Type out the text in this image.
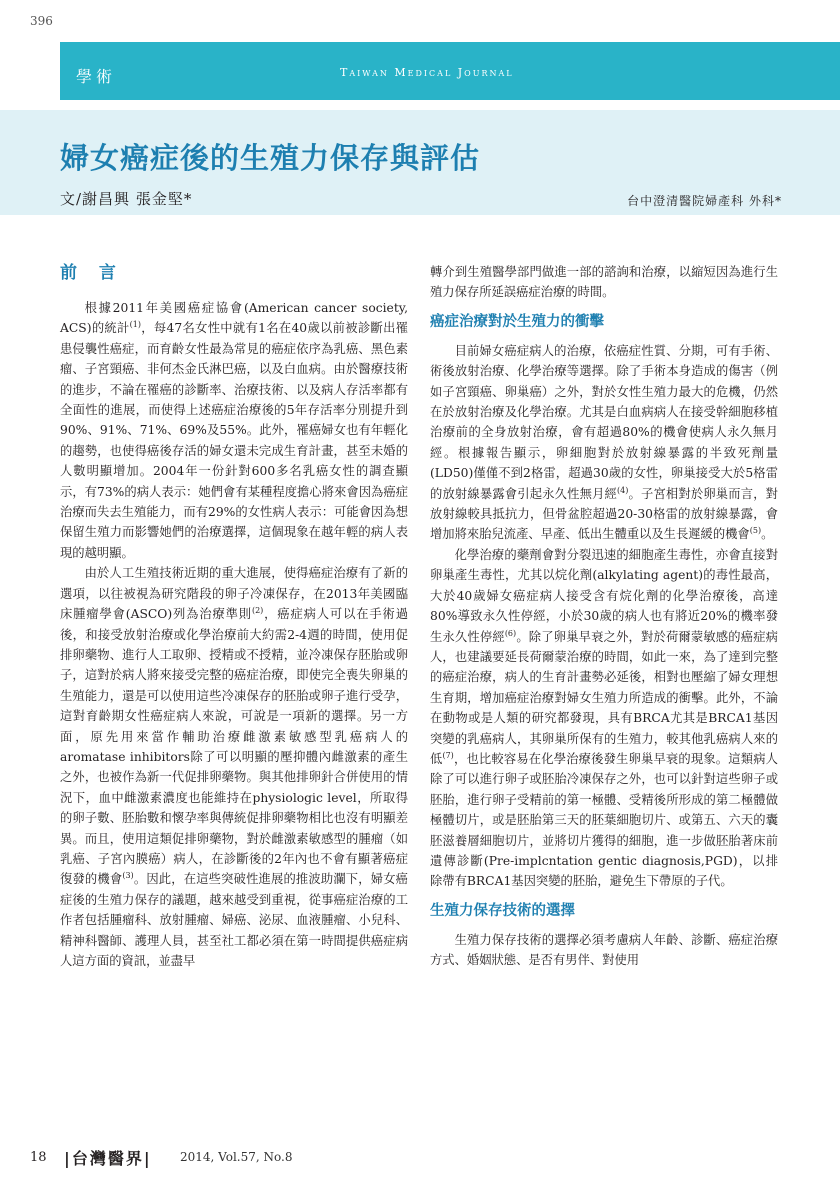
396
學術	Taiwan Medical Journal
婦女癌症後的生殖力保存與評估
文/謝昌興 張金堅*	台中澄清醫院婦產科 外科*
前 言

根據2011年美國癌症協會(American cancer society, ACS)的統計$^{(1)}$，每47名女性中就有1名在40歲以前被診斷出罹患侵襲性癌症，而育齡女性最為常見的癌症依序為乳癌、黑色素瘤、子宮頸癌、非何杰金氏淋巴癌，以及白血病。由於醫療技術的進步，不論在罹癌的診斷率、治療技術、以及病人存活率都有全面性的進展，而使得上述癌症治療後的5年存活率分別提升到90%、91%、71%、69%及55%。此外，罹癌婦女也有年輕化的趨勢，也使得癌後存活的婦女還未完成生育計畫，甚至未婚的人數明顯增加。2004年一份針對600多名乳癌女性的調查顯示，有73%的病人表示：她們會有某種程度擔心將來會因為癌症治療而失去生殖能力，而有29%的女性病人表示：可能會因為想保留生殖力而影響她們的治療選擇，這個現象在越年輕的病人表現的越明顯。

由於人工生殖技術近期的重大進展，使得癌症治療有了新的選項，以往被視為研究階段的卵子冷凍保存，在2013年美國臨床腫瘤學會(ASCO)列為治療準則$^{(2)}$，癌症病人可以在手術過後，和接受放射治療或化學治療前大約需2-4週的時間，使用促排卵藥物、進行人工取卵、授精或不授精，並冷凍保存胚胎或卵子，這對於病人將來接受完整的癌症治療，即使完全喪失卵巢的生殖能力，還是可以使用這些冷凍保存的胚胎或卵子進行受孕，這對育齡期女性癌症病人來說，可說是一項新的選擇。另一方面，原先用來當作輔助治療雌激素敏感型乳癌病人的aromatase inhibitors除了可以明顯的壓抑體內雌激素的產生之外，也被作為新一代促排卵藥物。與其他排卵針合併使用的情況下，血中雌激素濃度也能維持在physiologic level，所取得的卵子數、胚胎數和懷孕率與傳統促排卵藥物相比也沒有明顯差異。而且，使用這類促排卵藥物，對於雌激素敏感型的腫瘤（如乳癌、子宮內膜癌）病人，在診斷後的2年內也不會有顯著癌症復發的機會$^{(3)}$。因此，在這些突破性進展的推波助瀾下，婦女癌症後的生殖力保存的議題，越來越受到重視，從事癌症治療的工作者包括腫瘤科、放射腫瘤、婦癌、泌尿、血液腫瘤、小兒科、精神科醫師、護理人員，甚至社工都必須在第一時間提供癌症病人這方面的資訊，並盡早

轉介到生殖醫學部門做進一部的諮詢和治療，以縮短因為進行生殖力保存所延誤癌症治療的時間。

癌症治療對於生殖力的衝擊

目前婦女癌症病人的治療，依癌症性質、分期，可有手術、術後放射治療、化學治療等選擇。除了手術本身造成的傷害（例如子宮頸癌、卵巢癌）之外，對於女性生殖力最大的危機，仍然在於放射治療及化學治療。尤其是白血病病人在接受幹細胞移植治療前的全身放射治療，會有超過80%的機會使病人永久無月經。根據報告顯示，卵細胞對於放射線暴露的半致死劑量(LD50)僅僅不到2格雷，超過30歲的女性，卵巢接受大於5格雷的放射線暴露會引起永久性無月經$^{(4)}$。子宮相對於卵巢而言，對放射線較具抵抗力，但骨盆腔超過20-30格雷的放射線暴露，會增加將來胎兒流產、早產、低出生體重以及生長遲緩的機會$^{(5)}$。

化學治療的藥劑會對分裂迅速的細胞產生毒性，亦會直接對卵巢產生毒性，尤其以烷化劑(alkylating agent)的毒性最高，大於40歲婦女癌症病人接受含有烷化劑的化學治療後，高達80%導致永久性停經，小於30歲的病人也有將近20%的機率發生永久性停經$^{(6)}$。除了卵巢早衰之外，對於荷爾蒙敏感的癌症病人，也建議要延長荷爾蒙治療的時間，如此一來，為了達到完整的癌症治療，病人的生育計畫勢必延後，相對也壓縮了婦女理想生育期，增加癌症治療對婦女生殖力所造成的衝擊。此外，不論在動物或是人類的研究都發現，具有BRCA尤其是BRCA1基因突變的乳癌病人，其卵巢所保有的生殖力，較其他乳癌病人來的低$^{(7)}$，也比較容易在化學治療後發生卵巢早衰的現象。這類病人除了可以進行卵子或胚胎冷凍保存之外，也可以針對這些卵子或胚胎，進行卵子受精前的第一極體、受精後所形成的第二極體做極體切片，或是胚胎第三天的胚葉細胞切片、或第五、六天的囊胚滋養層細胞切片，並將切片獲得的細胞，進一步做胚胎著床前遺傳診斷(Pre-implcntation gentic diagnosis,PGD)，以排除帶有BRCA1基因突變的胚胎，避免生下帶原的子代。

生殖力保存技術的選擇

生殖力保存技術的選擇必須考慮病人年齡、診斷、癌症治療方式、婚姻狀態、是否有男伴、對使用

18 |台灣醫界| 2014, Vol.57, No.8
